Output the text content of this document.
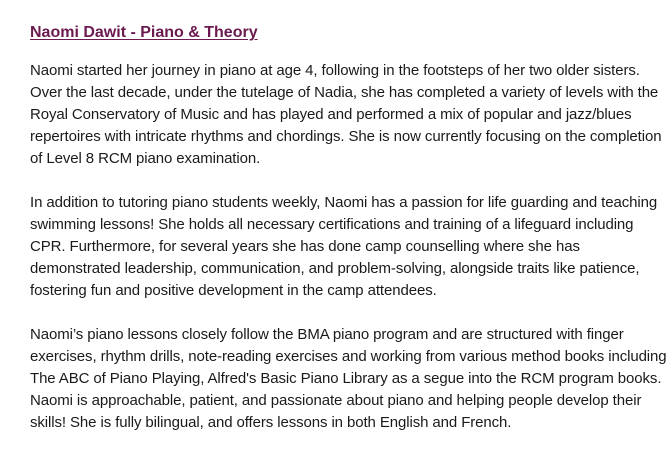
Naomi Dawit - Piano & Theory

Naomi started her journey in piano at age 4, following in the footsteps of her two older sisters. Over the last decade, under the tutelage of Nadia, she has completed a variety of levels with the Royal Conservatory of Music and has played and performed a mix of popular and jazz/blues repertoires with intricate rhythms and chordings. She is now currently focusing on the completion of Level 8 RCM piano examination.

In addition to tutoring piano students weekly, Naomi has a passion for life guarding and teaching swimming lessons! She holds all necessary certifications and training of a lifeguard including CPR. Furthermore, for several years she has done camp counselling where she has demonstrated leadership, communication, and problem-solving, alongside traits like patience, fostering fun and positive development in the camp attendees.

Naomi’s piano lessons closely follow the BMA piano program and are structured with finger exercises, rhythm drills, note-reading exercises and working from various method books including The ABC of Piano Playing, Alfred's Basic Piano Library as a segue into the RCM program books. Naomi is approachable, patient, and passionate about piano and helping people develop their skills! She is fully bilingual, and offers lessons in both English and French.
